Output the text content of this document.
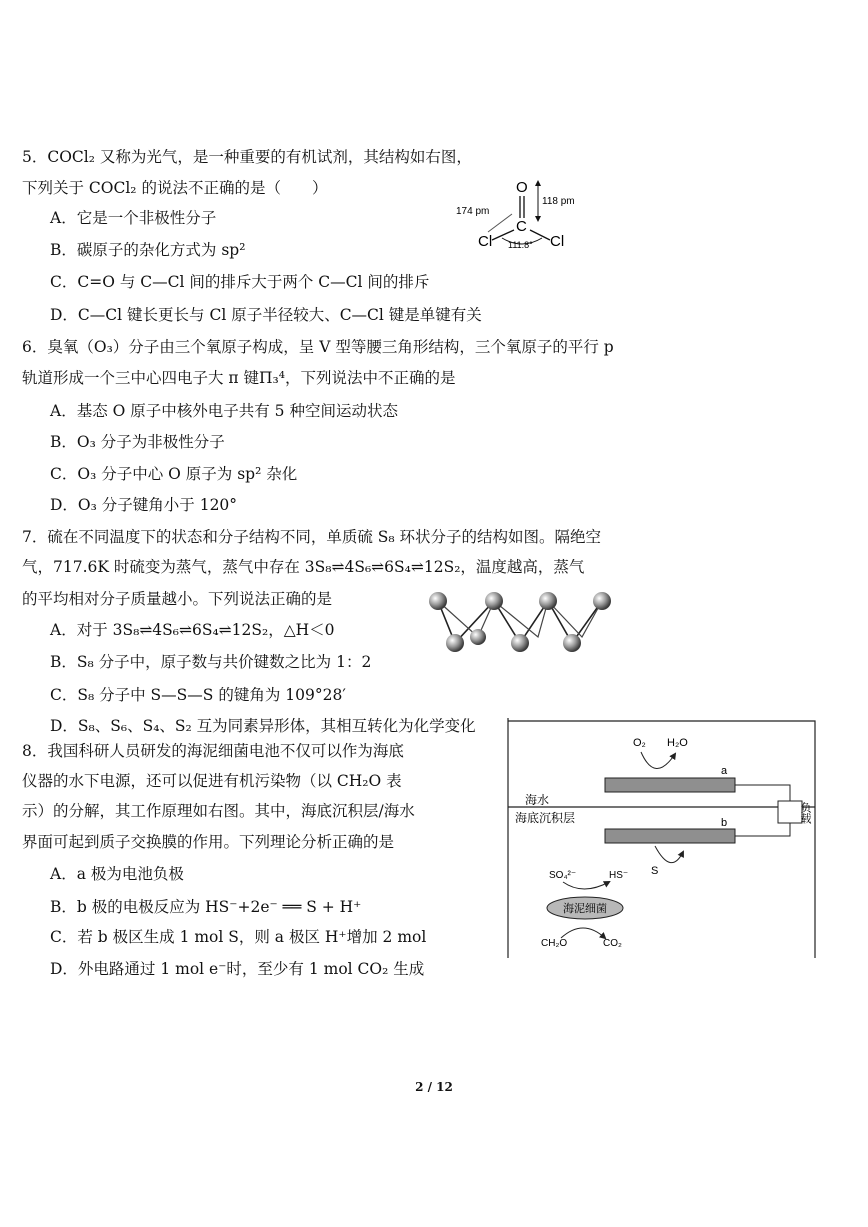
5．COCl₂ 又称为光气，是一种重要的有机试剂，其结构如右图，
下列关于 COCl₂ 的说法不正确的是（　　）
A．它是一个非极性分子
B．碳原子的杂化方式为 sp²
C．C=O 与 C—Cl 间的排斥大于两个 C—Cl 间的排斥
D．C—Cl 键长更长与 Cl 原子半径较大、C—Cl 键是单键有关
O
118 pm
C
174 pm
Cl	Cl
111.8°
6．臭氧（O₃）分子由三个氧原子构成，呈 V 型等腰三角形结构，三个氧原子的平行 p
轨道形成一个三中心四电子大 π 键Π₃⁴，下列说法中不正确的是
A．基态 O 原子中核外电子共有 5 种空间运动状态
B．O₃ 分子为非极性分子
C．O₃ 分子中心 O 原子为 sp² 杂化
D．O₃ 分子键角小于 120°
7．硫在不同温度下的状态和分子结构不同，单质硫 S₈ 环状分子的结构如图。隔绝空
气，717.6K 时硫变为蒸气，蒸气中存在 3S₈⇌4S₆⇌6S₄⇌12S₂，温度越高，蒸气
的平均相对分子质量越小。下列说法正确的是
A．对于 3S₈⇌4S₆⇌6S₄⇌12S₂，△H＜0
B．S₈ 分子中，原子数与共价键数之比为 1：2
C．S₈ 分子中 S—S—S 的键角为 109°28′
D．S₈、S₆、S₄、S₂ 互为同素异形体，其相互转化为化学变化
8．我国科研人员研发的海泥细菌电池不仅可以作为海底
仪器的水下电源，还可以促进有机污染物（以 CH₂O 表
示）的分解，其工作原理如右图。其中，海底沉积层/海水
界面可起到质子交换膜的作用。下列理论分析正确的是
A．a 极为电池负极
B．b 极的电极反应为 HS⁻+2e⁻ ══ S + H⁺
C．若 b 极区生成 1 mol S，则 a 极区 H⁺增加 2 mol
D．外电路通过 1 mol e⁻时，至少有 1 mol CO₂ 生成
a
b	负载
海水
海底沉积层
O₂ H₂O
S
SO₄²⁻	HS⁻
海泥细菌
CH₂O	CO₂
2 / 12
